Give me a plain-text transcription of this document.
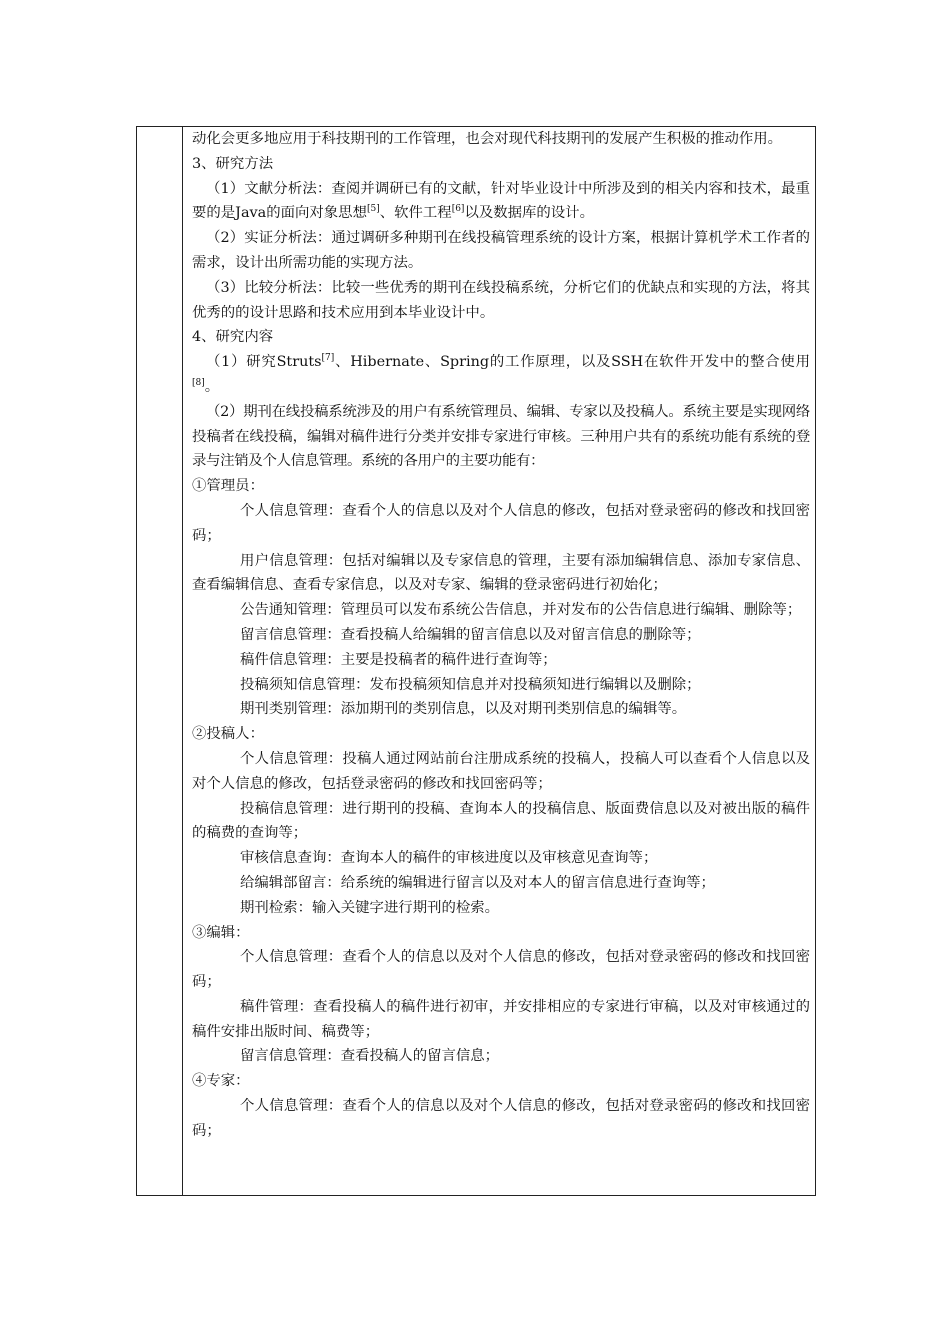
动化会更多地应用于科技期刊的工作管理，也会对现代科技期刊的发展产生积极的推动作用。

3、研究方法

（1）文献分析法：查阅并调研已有的文献，针对毕业设计中所涉及到的相关内容和技术，最重要的是Java的面向对象思想[5]、软件工程[6]以及数据库的设计。

（2）实证分析法：通过调研多种期刊在线投稿管理系统的设计方案，根据计算机学术工作者的需求，设计出所需功能的实现方法。

（3）比较分析法：比较一些优秀的期刊在线投稿系统，分析它们的优缺点和实现的方法，将其优秀的的设计思路和技术应用到本毕业设计中。

4、研究内容

（1）研究Struts[7]、Hibernate、Spring的工作原理，以及SSH在软件开发中的整合使用[8]。

（2）期刊在线投稿系统涉及的用户有系统管理员、编辑、专家以及投稿人。系统主要是实现网络投稿者在线投稿，编辑对稿件进行分类并安排专家进行审核。三种用户共有的系统功能有系统的登录与注销及个人信息管理。系统的各用户的主要功能有：

①管理员：

个人信息管理：查看个人的信息以及对个人信息的修改，包括对登录密码的修改和找回密码；

用户信息管理：包括对编辑以及专家信息的管理，主要有添加编辑信息、添加专家信息、查看编辑信息、查看专家信息，以及对专家、编辑的登录密码进行初始化；

公告通知管理：管理员可以发布系统公告信息，并对发布的公告信息进行编辑、删除等；

留言信息管理：查看投稿人给编辑的留言信息以及对留言信息的删除等；

稿件信息管理：主要是投稿者的稿件进行查询等；

投稿须知信息管理：发布投稿须知信息并对投稿须知进行编辑以及删除；

期刊类别管理：添加期刊的类别信息，以及对期刊类别信息的编辑等。

②投稿人：

个人信息管理：投稿人通过网站前台注册成系统的投稿人，投稿人可以查看个人信息以及对个人信息的修改，包括登录密码的修改和找回密码等；

投稿信息管理：进行期刊的投稿、查询本人的投稿信息、版面费信息以及对被出版的稿件的稿费的查询等；

审核信息查询：查询本人的稿件的审核进度以及审核意见查询等；

给编辑部留言：给系统的编辑进行留言以及对本人的留言信息进行查询等；

期刊检索：输入关键字进行期刊的检索。

③编辑：

个人信息管理：查看个人的信息以及对个人信息的修改，包括对登录密码的修改和找回密码；

稿件管理：查看投稿人的稿件进行初审，并安排相应的专家进行审稿，以及对审核通过的稿件安排出版时间、稿费等；

留言信息管理：查看投稿人的留言信息；

④专家：

个人信息管理：查看个人的信息以及对个人信息的修改，包括对登录密码的修改和找回密码；
